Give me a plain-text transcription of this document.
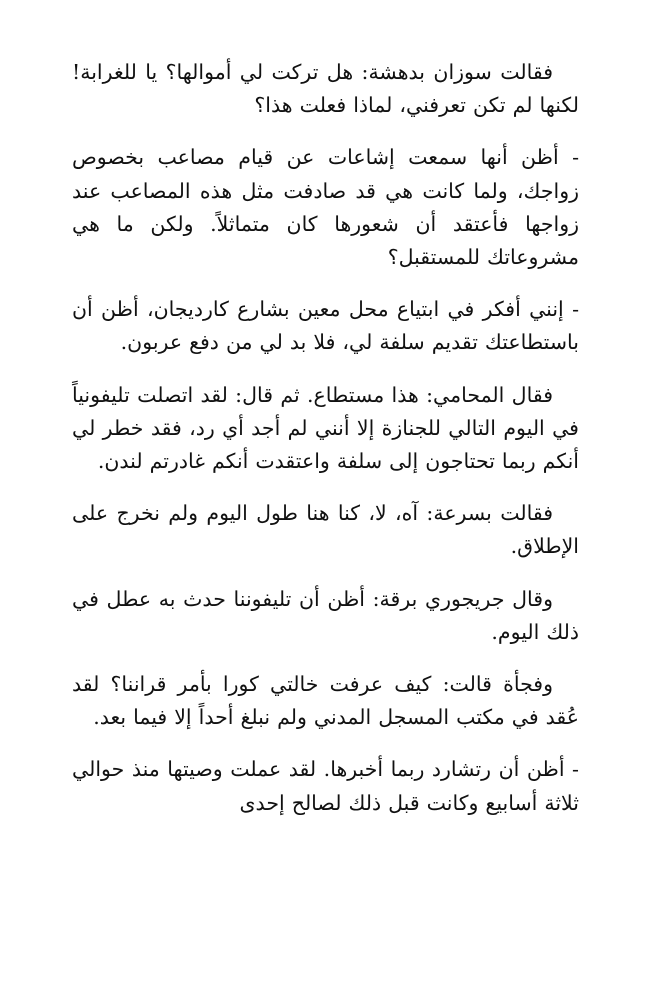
فقالت سوزان بدهشة: هل تركت لي أموالها؟ يا للغرابة! لكنها لم تكن تعرفني، لماذا فعلت هذا؟

- أظن أنها سمعت إشاعات عن قيام مصاعب بخصوص زواجك، ولما كانت هي قد صادفت مثل هذه المصاعب عند زواجها فأعتقد أن شعورها كان متماثلاً. ولكن ما هي مشروعاتك للمستقبل؟

- إنني أفكر في ابتياع محل معين بشارع كارديجان، أظن أن باستطاعتك تقديم سلفة لي، فلا بد لي من دفع عربون.

فقال المحامي: هذا مستطاع. ثم قال: لقد اتصلت تليفونياً في اليوم التالي للجنازة إلا أنني لم أجد أي رد، فقد خطر لي أنكم ربما تحتاجون إلى سلفة واعتقدت أنكم غادرتم لندن.

فقالت بسرعة: آه، لا، كنا هنا طول اليوم ولم نخرج على الإطلاق.

وقال جريجوري برقة: أظن أن تليفوننا حدث به عطل في ذلك اليوم.

وفجأة قالت: كيف عرفت خالتي كورا بأمر قراننا؟ لقد عُقد في مكتب المسجل المدني ولم نبلغ أحداً إلا فيما بعد.

- أظن أن رتشارد ربما أخبرها. لقد عملت وصيتها منذ حوالي ثلاثة أسابيع وكانت قبل ذلك لصالح إحدى
